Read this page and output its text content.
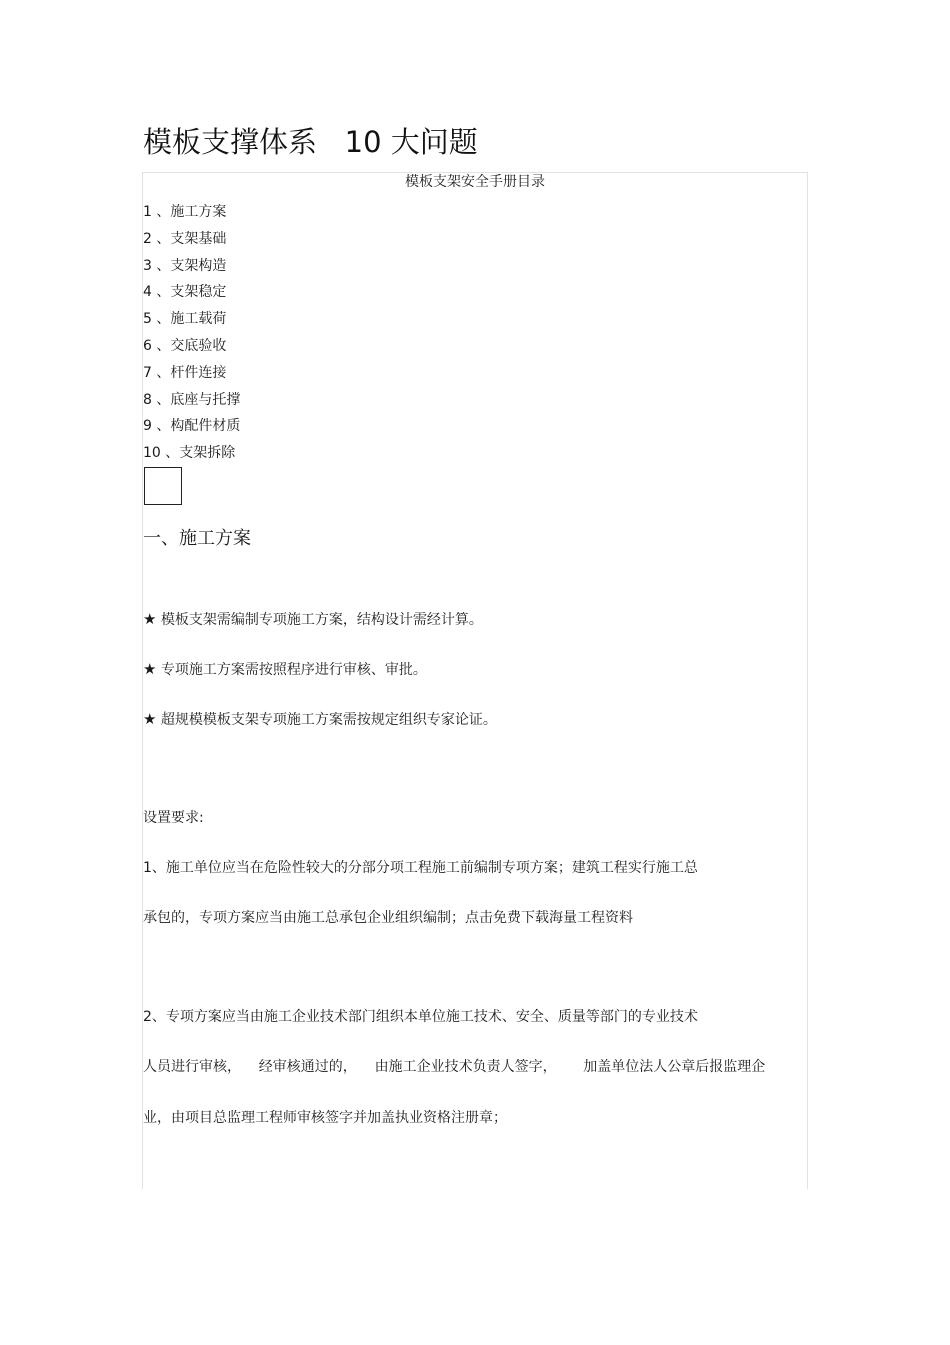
模板支撑体系   10 大问题
模板支架安全手册目录
1 、施工方案
2 、支架基础
3 、支架构造
4 、支架稳定
5 、施工载荷
6 、交底验收
7 、杆件连接
8 、底座与托撑
9 、构配件材质
10 、支架拆除
一、施工方案
★ 模板支架需编制专项施工方案，结构设计需经计算。
★ 专项施工方案需按照程序进行审核、审批。
★ 超规模模板支架专项施工方案需按规定组织专家论证。
设置要求:
1、施工单位应当在危险性较大的分部分项工程施工前编制专项方案；建筑工程实行施工总
承包的，专项方案应当由施工总承包企业组织编制；点击免费下载海量工程资料
2、专项方案应当由施工企业技术部门组织本单位施工技术、安全、质量等部门的专业技术
人员进行审核，    经审核通过的，    由施工企业技术负责人签字，      加盖单位法人公章后报监理企
业，由项目总监理工程师审核签字并加盖执业资格注册章；
